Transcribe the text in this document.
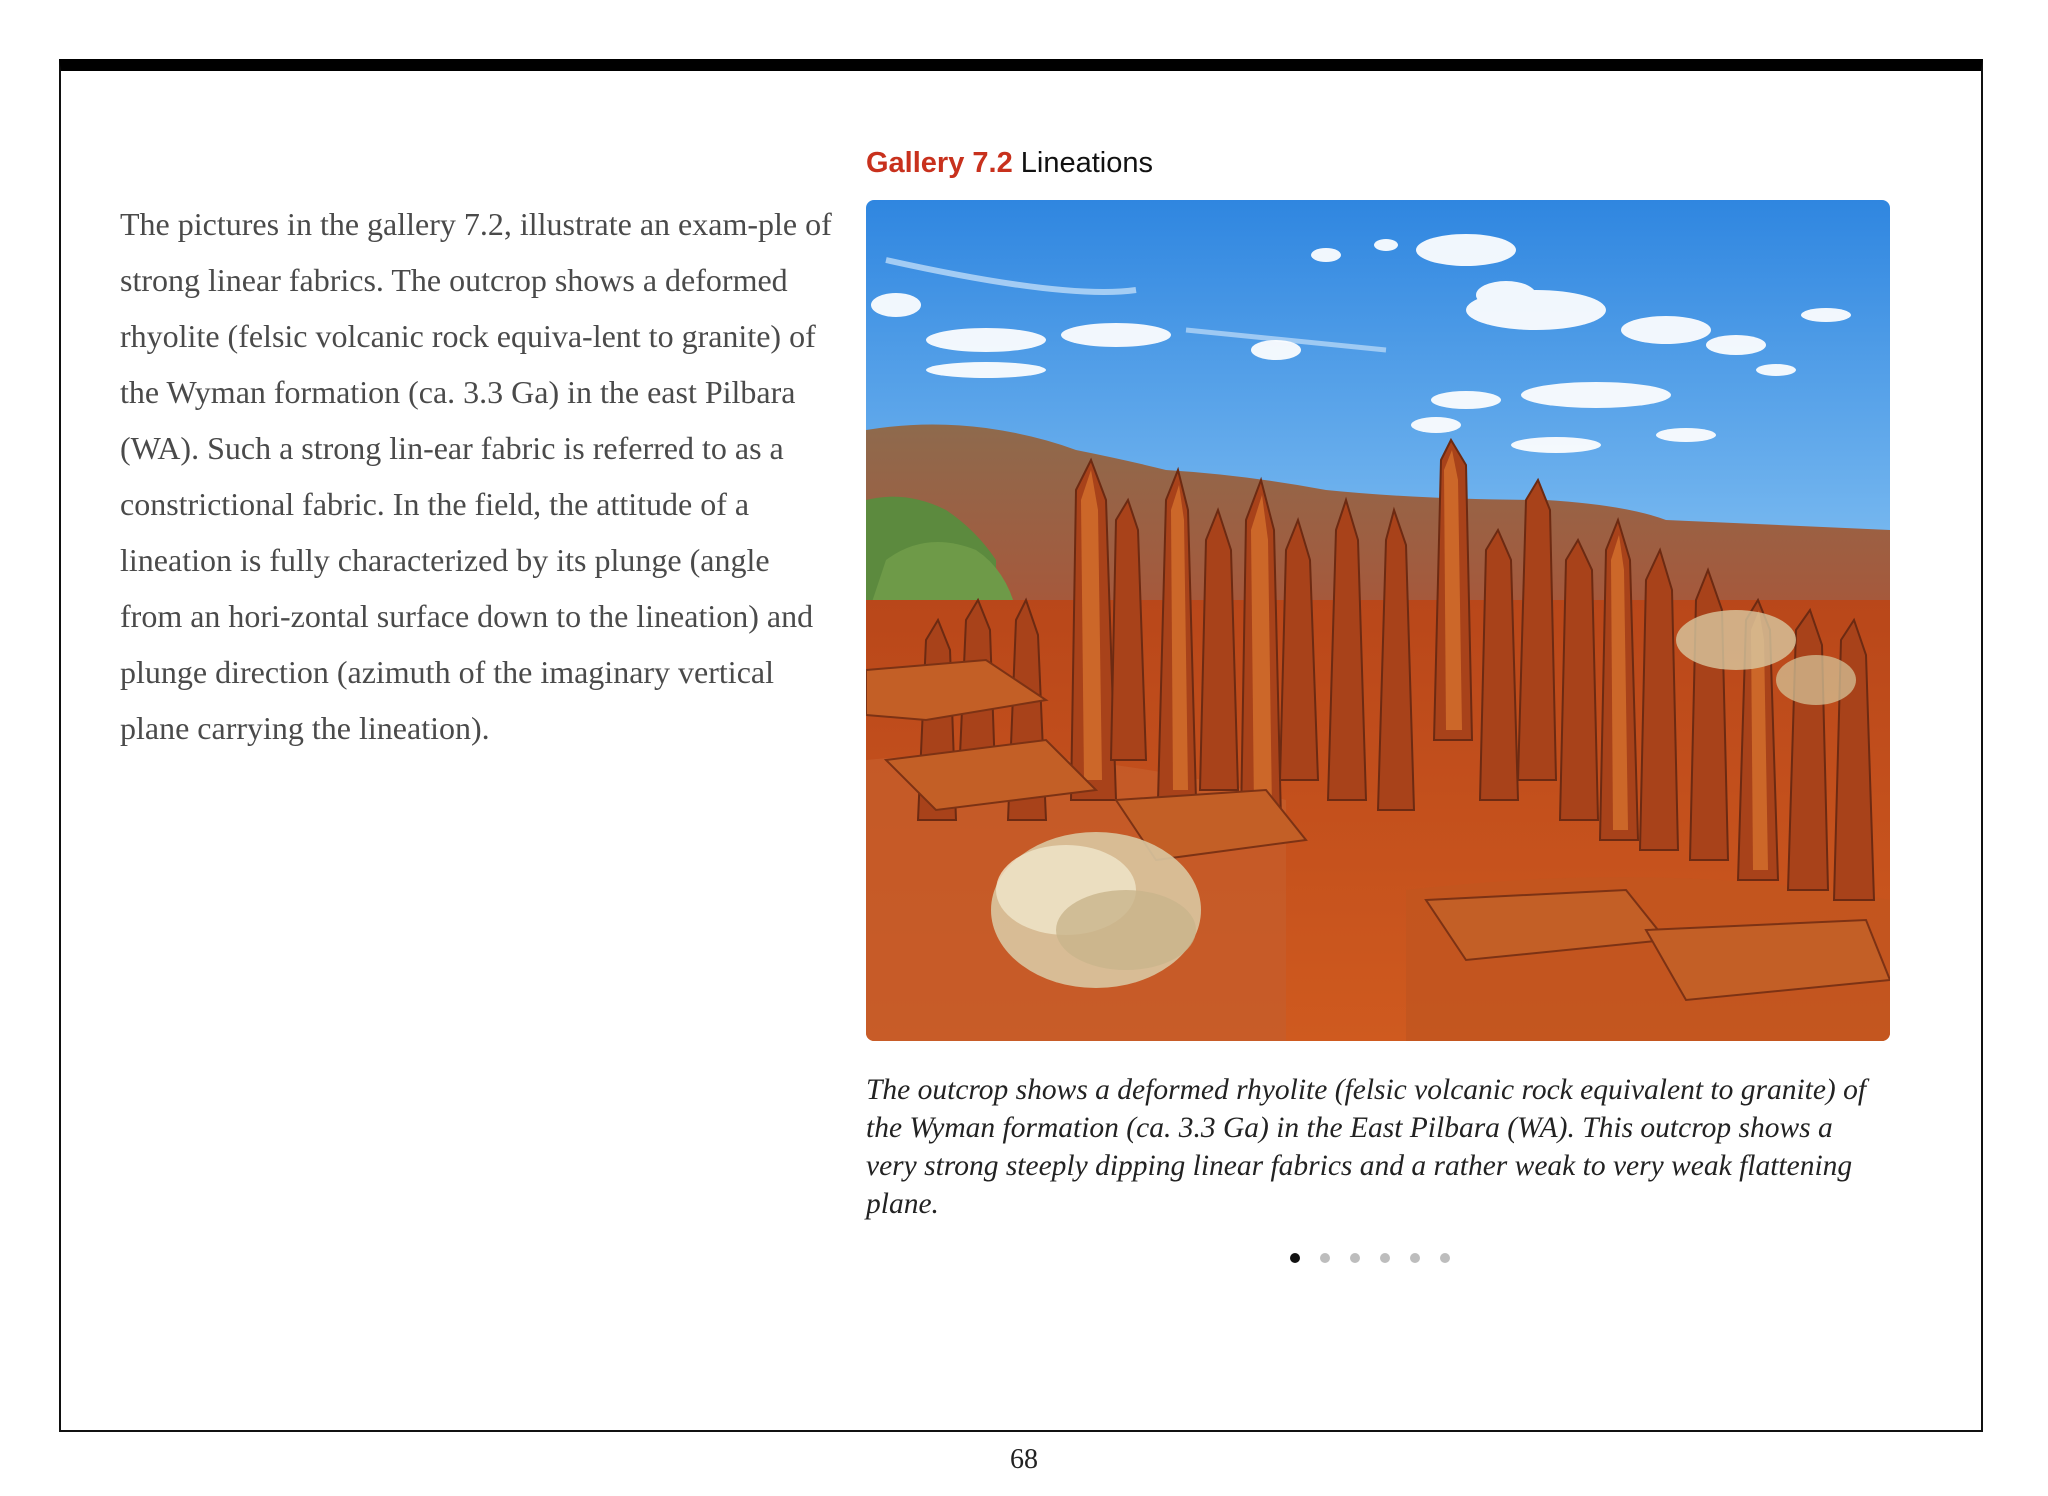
The pictures in the gallery 7.2, illustrate an exam-ple of strong linear fabrics. The outcrop shows a deformed rhyolite (felsic volcanic rock equiva-lent to granite) of the Wyman formation (ca. 3.3 Ga) in the east Pilbara (WA). Such a strong lin-ear fabric is referred to as a constrictional fabric. In the field, the attitude of a lineation is fully characterized by its plunge (angle from an hori-zontal surface down to the lineation) and plunge direction (azimuth of the imaginary vertical plane carrying the lineation).

Gallery 7.2 Lineations

The outcrop shows a deformed rhyolite (felsic volcanic rock equivalent to granite) of the Wyman formation (ca. 3.3 Ga) in the East Pilbara (WA). This outcrop shows a very strong steeply dipping linear fabrics and a rather weak to very weak flattening plane.

68
